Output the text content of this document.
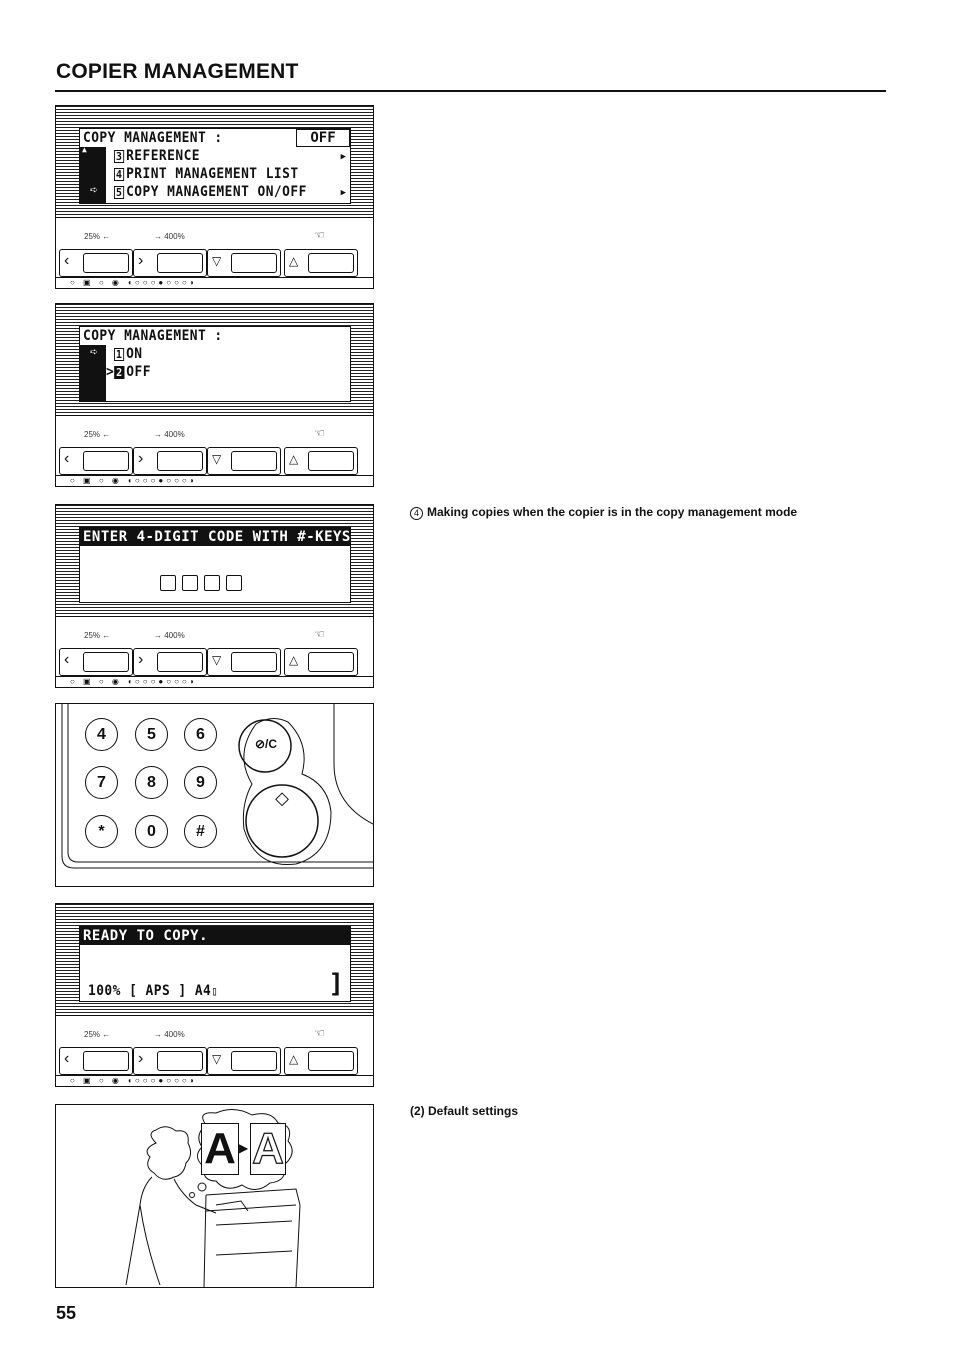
COPIER MANAGEMENT
COPY MANAGEMENT :	OFF
▲
➪
3 REFERENCE	▶
4 PRINT MANAGEMENT LIST
5 COPY MANAGEMENT ON/OFF	▶
25% ←	→ 400%	☜
‹	›	▽	△
○ ▣ ○ ◉ ◖○○○●○○○◗
COPY MANAGEMENT :
➪ 1 ON
> 2 OFF
25% ←	→ 400%	☜
‹	›	▽	△
○ ▣ ○ ◉ ◖○○○●○○○◗
ENTER 4-DIGIT CODE WITH #-KEYS
25% ←	→ 400%	☜
‹	›	▽	△
○ ▣ ○ ◉ ◖○○○●○○○◗
4	5	6
7	8	9
*	0	#
⊘/C
◇
READY TO COPY.
100% [ APS ] A4▯	]
25% ←	→ 400%	☜
‹	›	▽	△
○ ▣ ○ ◉ ◖○○○●○○○◗
A ▶ A
4 Making copies when the copier is in the copy management mode
(2) Default settings
55
